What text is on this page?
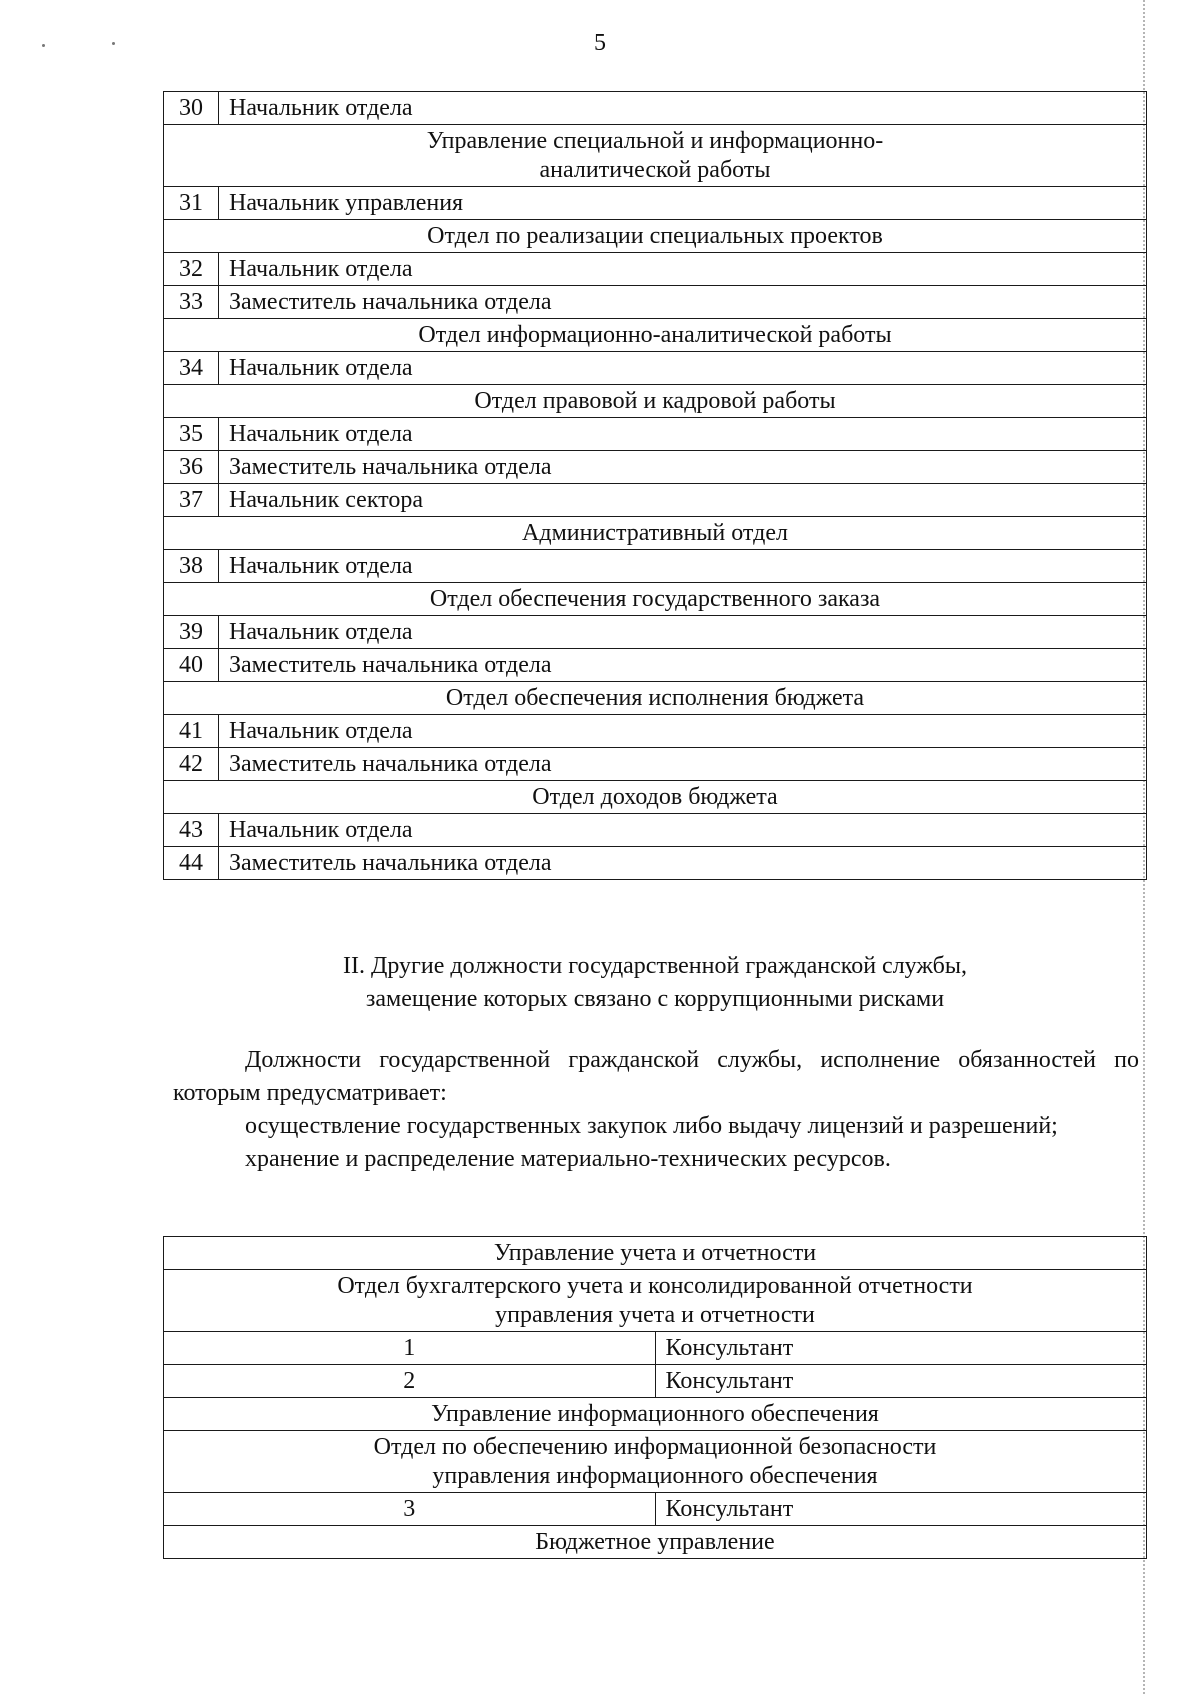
5
30	Начальник отдела
Управление специальной и информационно-
аналитической работы	
31	Начальник управления
Отдел по реализации специальных проектов	
32	Начальник отдела
33	Заместитель начальника отдела
Отдел информационно-аналитической работы	
34	Начальник отдела
Отдел правовой и кадровой работы	
35	Начальник отдела
36	Заместитель начальника отдела
37	Начальник сектора
Административный отдел	
38	Начальник отдела
Отдел обеспечения государственного заказа	
39	Начальник отдела
40	Заместитель начальника отдела
Отдел обеспечения исполнения бюджета	
41	Начальник отдела
42	Заместитель начальника отдела
Отдел доходов бюджета	
43	Начальник отдела
44	Заместитель начальника отдела
II. Другие должности государственной гражданской службы,
замещение которых связано с коррупционными рисками

Должности государственной гражданской службы, исполнение обязанностей по которым предусматривает:

осуществление государственных закупок либо выдачу лицензий и разрешений;

хранение и распределение материально-технических ресурсов.

Управление учета и отчетности	
Отдел бухгалтерского учета и консолидированной отчетности
управления учета и отчетности	
1	Консультант
2	Консультант
Управление информационного обеспечения	
Отдел по обеспечению информационной безопасности
управления информационного обеспечения	
3	Консультант
Бюджетное управление	
